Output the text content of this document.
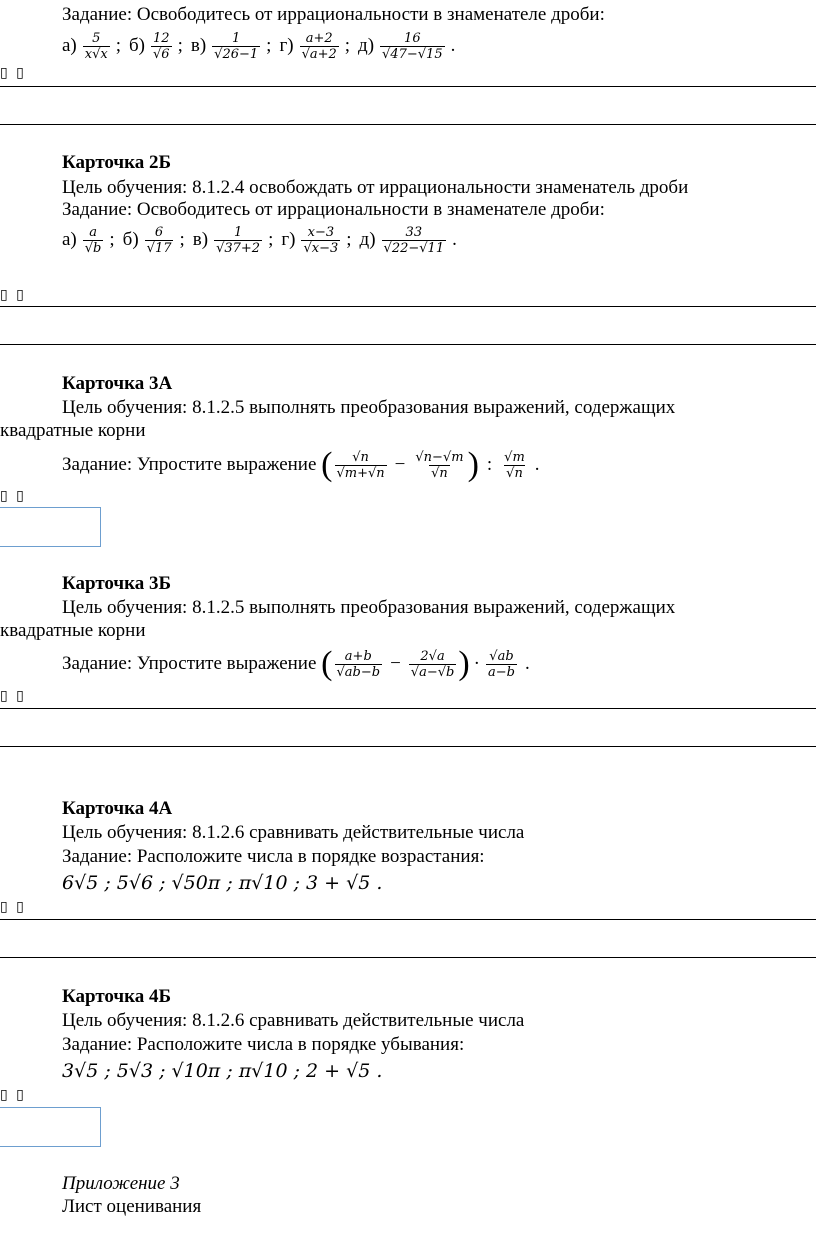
Задание: Освободитесь от иррациональности в знаменателе дроби:
$а) \frac{5}{x√x}$ ; $б) \frac{12}{√6}$ ; $в) \frac{1}{√26-1}$ ; $г) \frac{a+2}{√a+2}$ ; $д) \frac{16}{√47-√15}$ .
▯ ▯
Карточка 2Б
Цель обучения: 8.1.2.4 освобождать от иррациональности знаменатель дроби
Задание: Освободитесь от иррациональности в знаменателе дроби:
$а) \frac{a}{√b}$ ; $б) \frac{6}{√17}$ ; $в) \frac{1}{√37+2}$ ; $г) \frac{x-3}{√x-3}$ ; $д) \frac{33}{√22-√11}$ .
▯ ▯
Карточка 3А
Цель обучения: 8.1.2.5 выполнять преобразования выражений, содержащих
квадратные корни
Задание: Упростите выражение
( $\frac{√n}{√m+√n} - \frac{√n-√m}{√n}$ ) : $\frac{√m}{√n}$ .
▯ ▯
Карточка 3Б
Цель обучения: 8.1.2.5 выполнять преобразования выражений, содержащих
квадратные корни
Задание: Упростите выражение
( $\frac{a+b}{√ab-b} - \frac{2√a}{√a-√b}$ ) · $\frac{√ab}{a-b}$ .
▯ ▯
Карточка 4А
Цель обучения: 8.1.2.6 сравнивать действительные числа
Задание: Расположите числа в порядке возрастания:
6√5 ; 5√6 ; √50π ; π√10 ; 3 + √5 .
▯ ▯
Карточка 4Б
Цель обучения: 8.1.2.6 сравнивать действительные числа
Задание: Расположите числа в порядке убывания:
3√5 ; 5√3 ; √10π ; π√10 ; 2 + √5 .
▯ ▯
Приложение 3
Лист оценивания
